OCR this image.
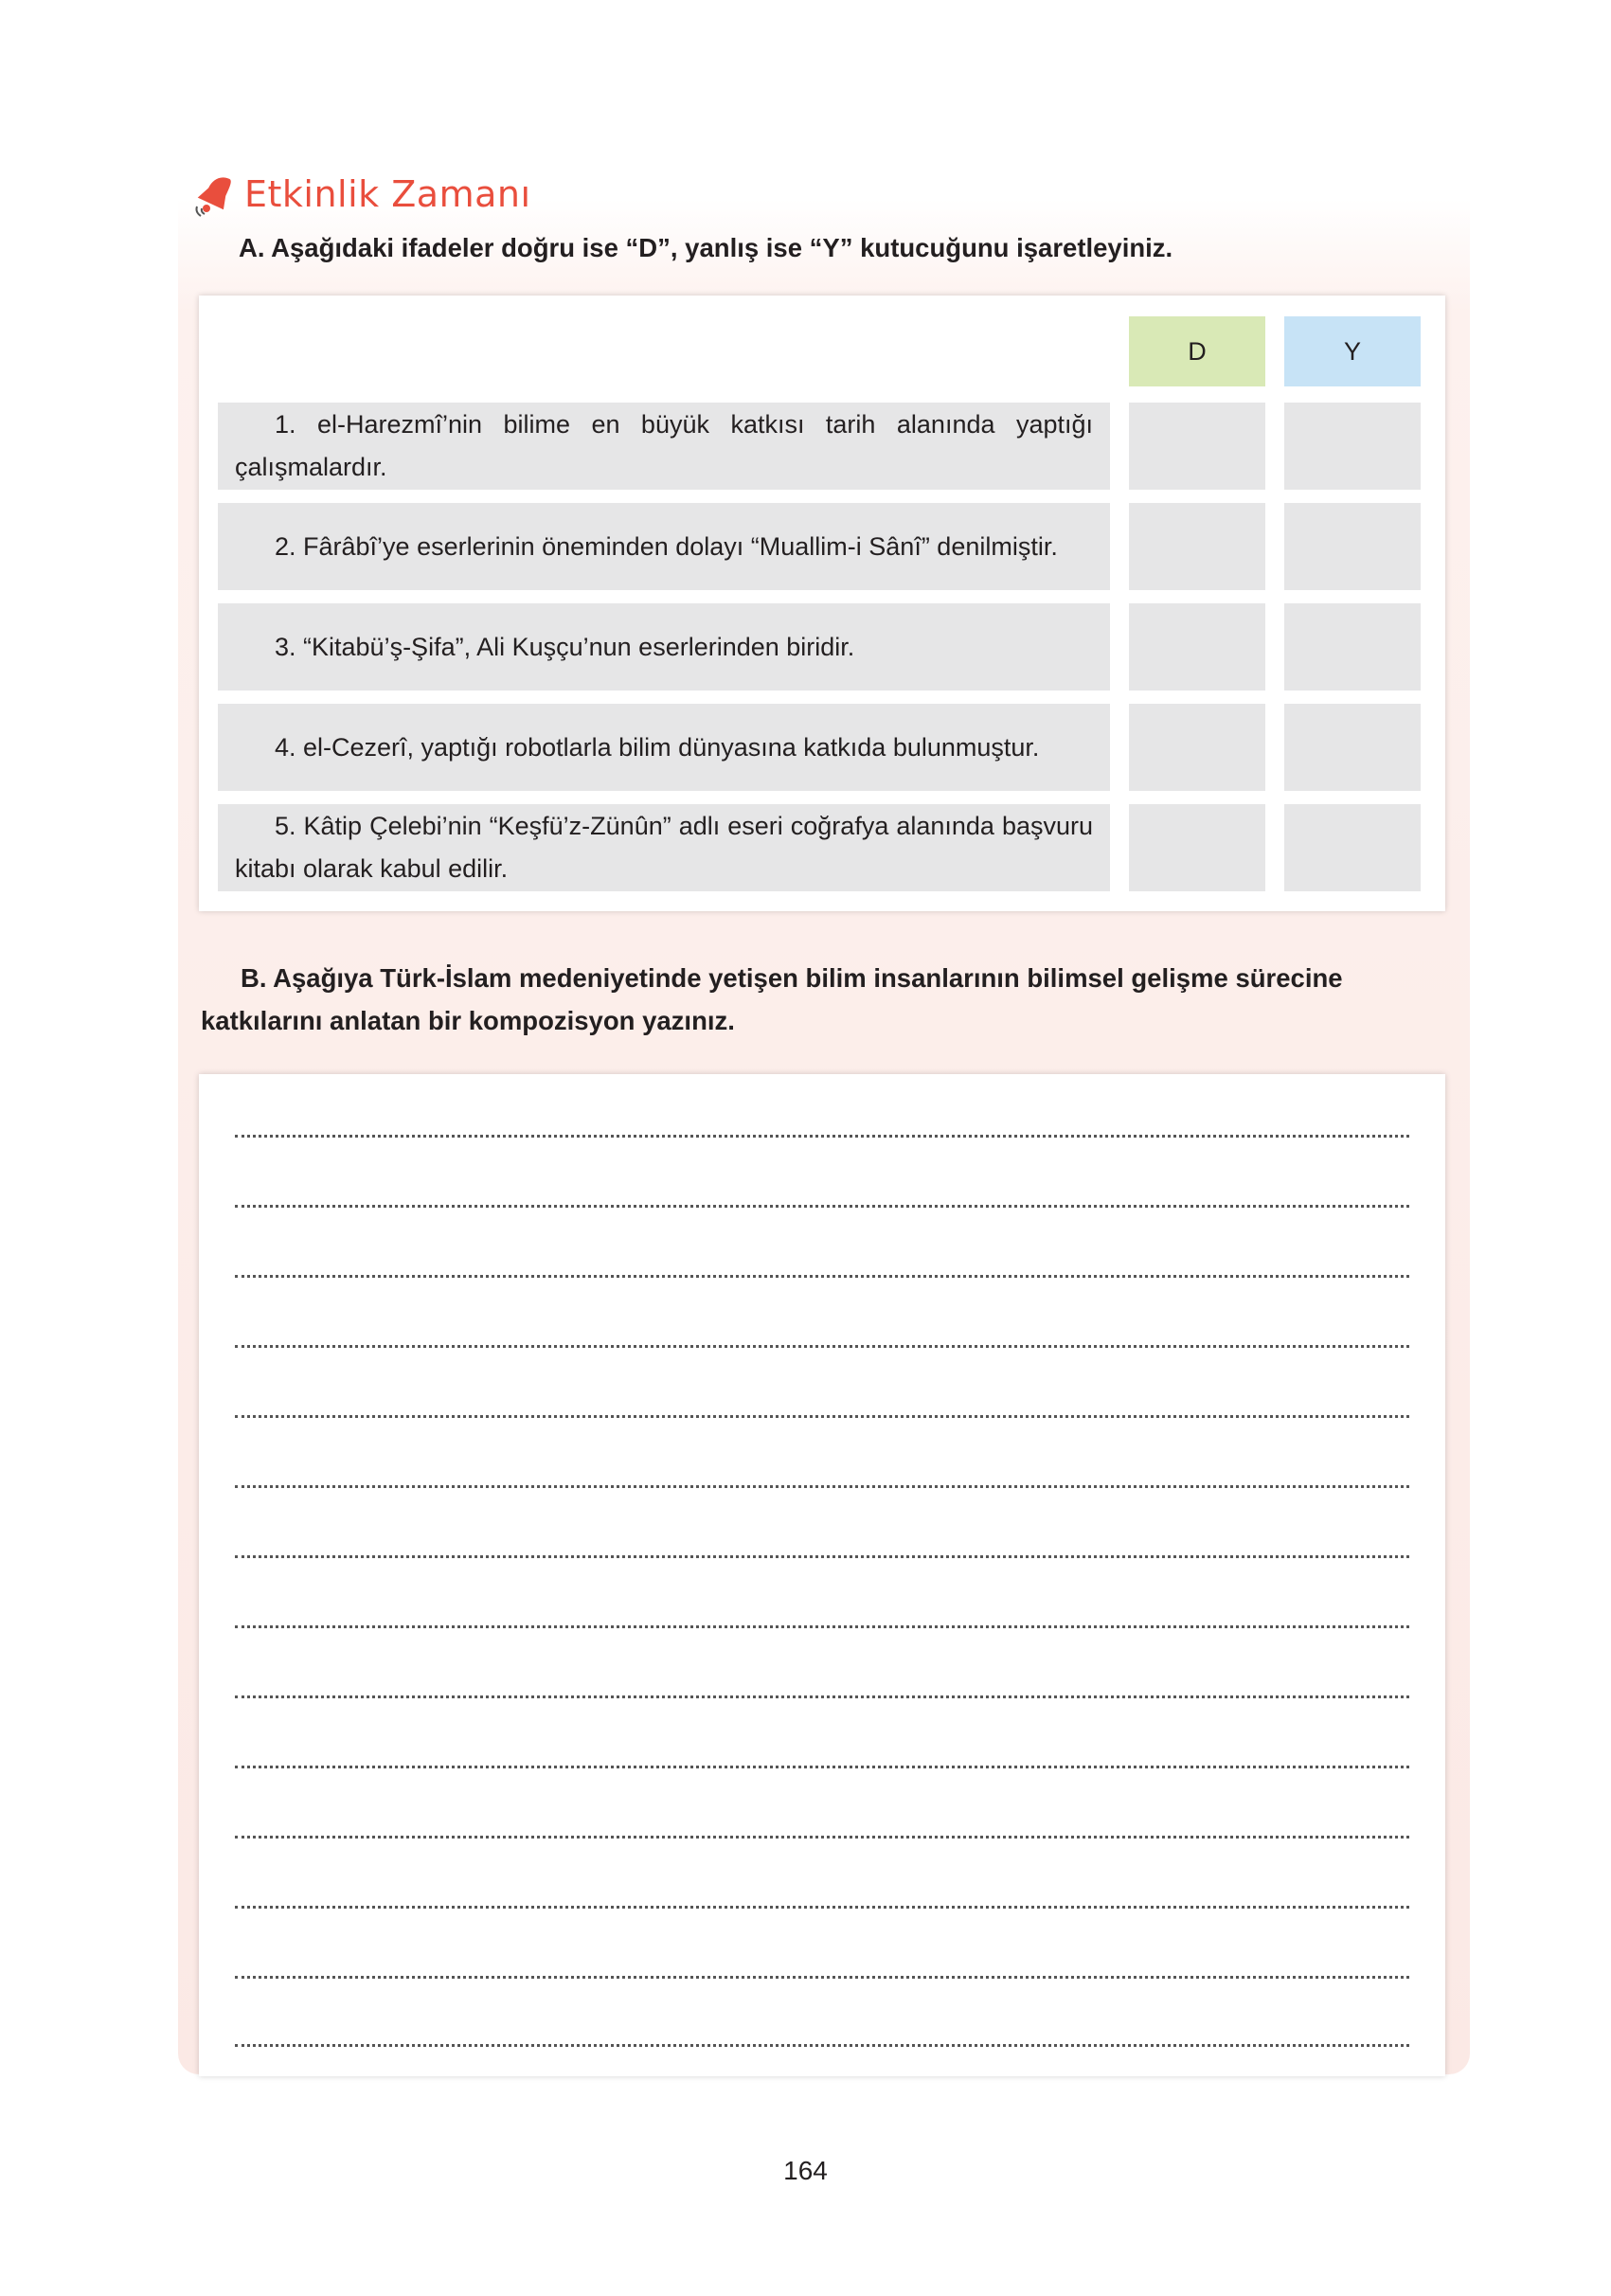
Etkinlik Zamanı
A. Aşağıdaki ifadeler doğru ise “D”, yanlış ise “Y” kutucuğunu işaretleyiniz.
D	Y
1. el-Harezmî’nin bilime en büyük katkısı tarih alanında yaptığı çalışmalardır.
2. Fârâbî’ye eserlerinin öneminden dolayı “Muallim-i Sânî” denilmiştir.
3. “Kitabü’ş-Şifa”, Ali Kuşçu’nun eserlerinden biridir.
4. el-Cezerî, yaptığı robotlarla bilim dünyasına katkıda bulunmuştur.
5. Kâtip Çelebi’nin “Keşfü’z-Zünûn” adlı eseri coğrafya alanında başvuru kitabı olarak kabul edilir.
B. Aşağıya Türk-İslam medeniyetinde yetişen bilim insanlarının bilimsel gelişme sürecine katkılarını anlatan bir kompozisyon yazınız.
164
